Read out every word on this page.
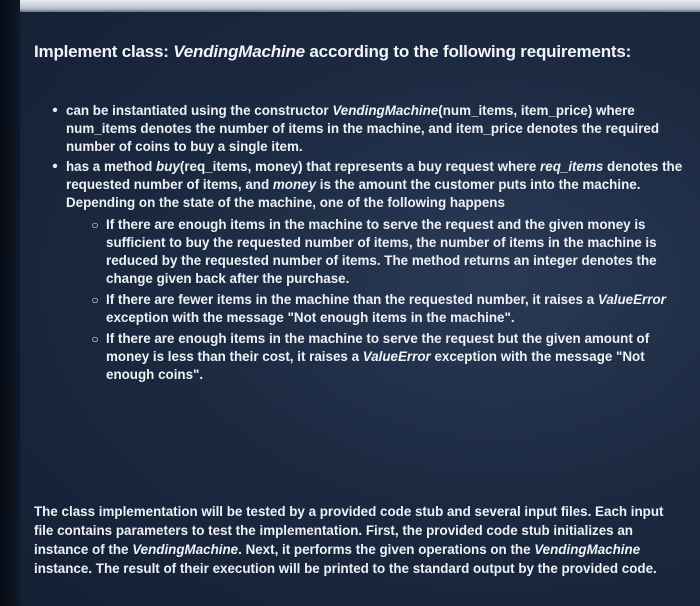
Implement class: VendingMachine according to the following requirements:
• can be instantiated using the constructor VendingMachine(num_items, item_price) where num_items denotes the number of items in the machine, and item_price denotes the required number of coins to buy a single item.
• has a method buy(req_items, money) that represents a buy request where req_items denotes the requested number of items, and money is the amount the customer puts into the machine. Depending on the state of the machine, one of the following happens
○ If there are enough items in the machine to serve the request and the given money is sufficient to buy the requested number of items, the number of items in the machine is reduced by the requested number of items. The method returns an integer denotes the change given back after the purchase.
○ If there are fewer items in the machine than the requested number, it raises a ValueError exception with the message "Not enough items in the machine".
○ If there are enough items in the machine to serve the request but the given amount of money is less than their cost, it raises a ValueError exception with the message "Not enough coins".
The class implementation will be tested by a provided code stub and several input files. Each input file contains parameters to test the implementation. First, the provided code stub initializes an instance of the VendingMachine. Next, it performs the given operations on the VendingMachine instance. The result of their execution will be printed to the standard output by the provided code.
